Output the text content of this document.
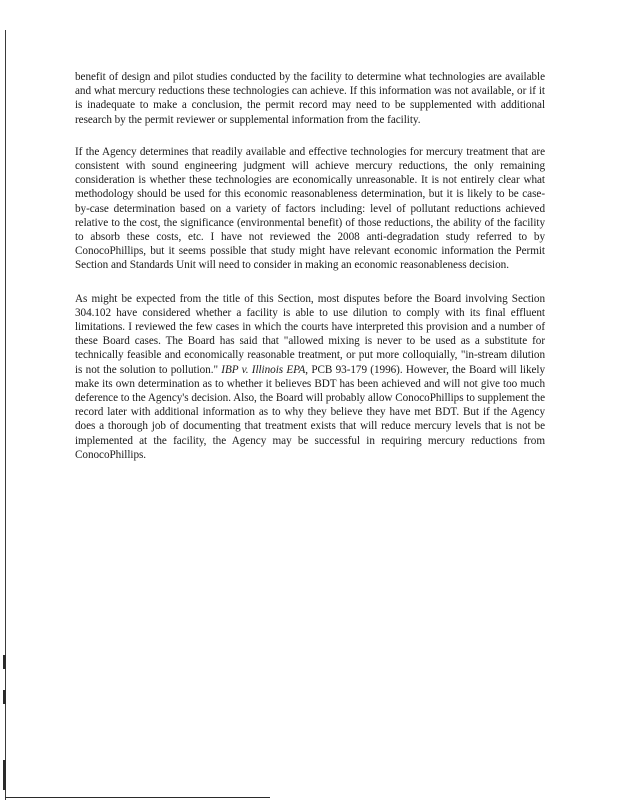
benefit of design and pilot studies conducted by the facility to determine what technologies are available and what mercury reductions these technologies can achieve. If this information was not available, or if it is inadequate to make a conclusion, the permit record may need to be supplemented with additional research by the permit reviewer or supplemental information from the facility.

If the Agency determines that readily available and effective technologies for mercury treatment that are consistent with sound engineering judgment will achieve mercury reductions, the only remaining consideration is whether these technologies are economically unreasonable. It is not entirely clear what methodology should be used for this economic reasonableness determination, but it is likely to be case-by-case determination based on a variety of factors including: level of pollutant reductions achieved relative to the cost, the significance (environmental benefit) of those reductions, the ability of the facility to absorb these costs, etc. I have not reviewed the 2008 anti-degradation study referred to by ConocoPhillips, but it seems possible that study might have relevant economic information the Permit Section and Standards Unit will need to consider in making an economic reasonableness decision.

As might be expected from the title of this Section, most disputes before the Board involving Section 304.102 have considered whether a facility is able to use dilution to comply with its final effluent limitations. I reviewed the few cases in which the courts have interpreted this provision and a number of these Board cases. The Board has said that "allowed mixing is never to be used as a substitute for technically feasible and economically reasonable treatment, or put more colloquially, "in-stream dilution is not the solution to pollution." IBP v. Illinois EPA, PCB 93-179 (1996). However, the Board will likely make its own determination as to whether it believes BDT has been achieved and will not give too much deference to the Agency's decision. Also, the Board will probably allow ConocoPhillips to supplement the record later with additional information as to why they believe they have met BDT. But if the Agency does a thorough job of documenting that treatment exists that will reduce mercury levels that is not be implemented at the facility, the Agency may be successful in requiring mercury reductions from ConocoPhillips.
